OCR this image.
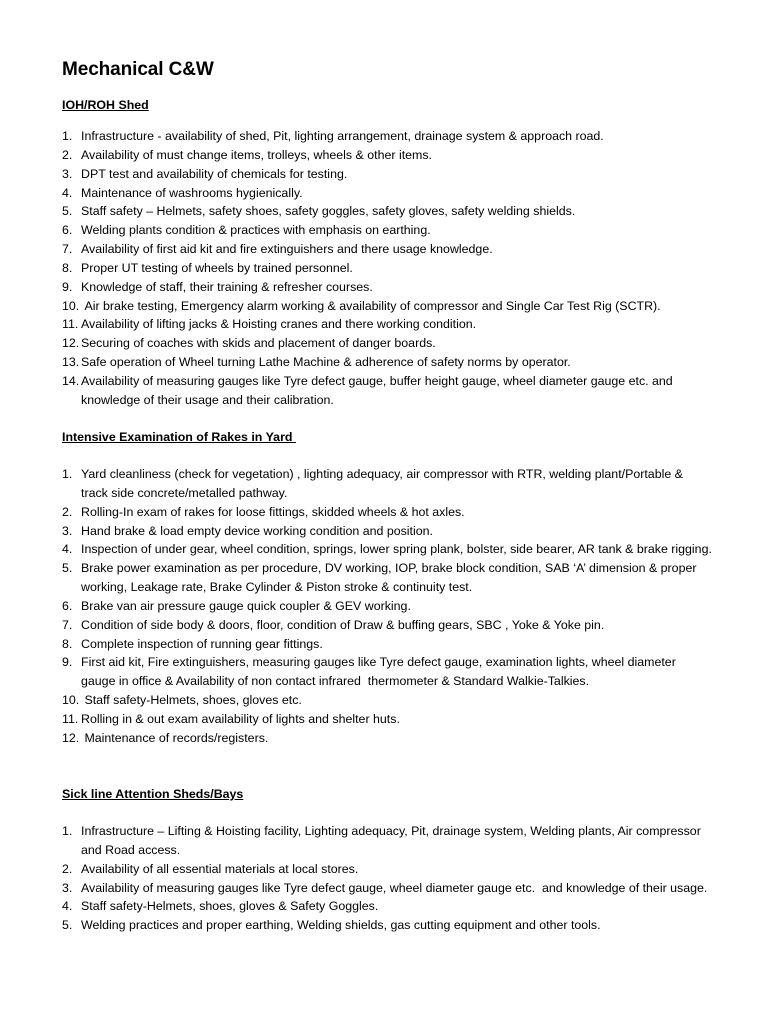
Mechanical C&W
IOH/ROH Shed
1. Infrastructure - availability of shed, Pit, lighting arrangement, drainage system & approach road.
2. Availability of must change items, trolleys, wheels & other items.
3. DPT test and availability of chemicals for testing.
4. Maintenance of washrooms hygienically.
5. Staff safety – Helmets, safety shoes, safety goggles, safety gloves, safety welding shields.
6. Welding plants condition & practices with emphasis on earthing.
7. Availability of first aid kit and fire extinguishers and there usage knowledge.
8. Proper UT testing of wheels by trained personnel.
9. Knowledge of staff, their training & refresher courses.
10. Air brake testing, Emergency alarm working & availability of compressor and Single Car Test Rig (SCTR).
11. Availability of lifting jacks & Hoisting cranes and there working condition.
12. Securing of coaches with skids and placement of danger boards.
13. Safe operation of Wheel turning Lathe Machine & adherence of safety norms by operator.
14. Availability of measuring gauges like Tyre defect gauge, buffer height gauge, wheel diameter gauge etc. and knowledge of their usage and their calibration.
Intensive Examination of Rakes in Yard
1. Yard cleanliness (check for vegetation) , lighting adequacy, air compressor with RTR, welding plant/Portable &  track side concrete/metalled pathway.
2. Rolling-In exam of rakes for loose fittings, skidded wheels & hot axles.
3. Hand brake & load empty device working condition and position.
4. Inspection of under gear, wheel condition, springs, lower spring plank, bolster, side bearer, AR tank & brake rigging.
5. Brake power examination as per procedure, DV working, IOP, brake block condition, SAB ‘A’ dimension & proper working, Leakage rate, Brake Cylinder & Piston stroke & continuity test.
6. Brake van air pressure gauge quick coupler & GEV working.
7. Condition of side body & doors, floor, condition of Draw & buffing gears, SBC , Yoke & Yoke pin.
8. Complete inspection of running gear fittings.
9. First aid kit, Fire extinguishers, measuring gauges like Tyre defect gauge, examination lights, wheel diameter gauge in office & Availability of non contact infrared  thermometer & Standard Walkie-Talkies.
10. Staff safety-Helmets, shoes, gloves etc.
11. Rolling in & out exam availability of lights and shelter huts.
12. Maintenance of records/registers.
Sick line Attention Sheds/Bays
1. Infrastructure – Lifting & Hoisting facility, Lighting adequacy, Pit, drainage system, Welding plants, Air compressor and Road access.
2. Availability of all essential materials at local stores.
3. Availability of measuring gauges like Tyre defect gauge, wheel diameter gauge etc.  and knowledge of their usage.
4. Staff safety-Helmets, shoes, gloves & Safety Goggles.
5. Welding practices and proper earthing, Welding shields, gas cutting equipment and other tools.
